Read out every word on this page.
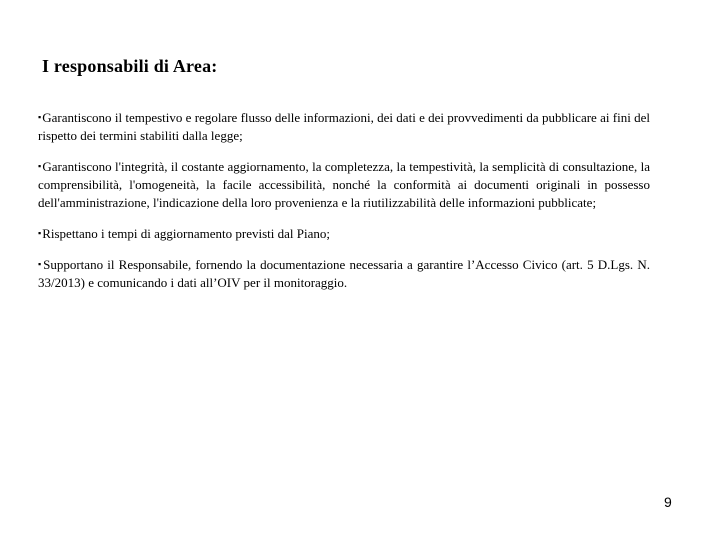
I responsabili di Area:
▪Garantiscono il tempestivo e regolare flusso delle informazioni, dei dati e dei provvedimenti da pubblicare ai fini del rispetto dei termini stabiliti dalla legge;
▪Garantiscono l'integrità, il costante aggiornamento, la completezza, la tempestività, la semplicità di consultazione, la comprensibilità, l'omogeneità, la facile accessibilità, nonché la conformità ai documenti originali in possesso dell'amministrazione, l'indicazione della loro provenienza e la riutilizzabilità delle informazioni pubblicate;
▪Rispettano i tempi di aggiornamento previsti dal Piano;
▪Supportano il Responsabile, fornendo la documentazione necessaria a garantire l’Accesso Civico (art. 5 D.Lgs. N. 33/2013) e comunicando i dati all’OIV per il monitoraggio.
9
